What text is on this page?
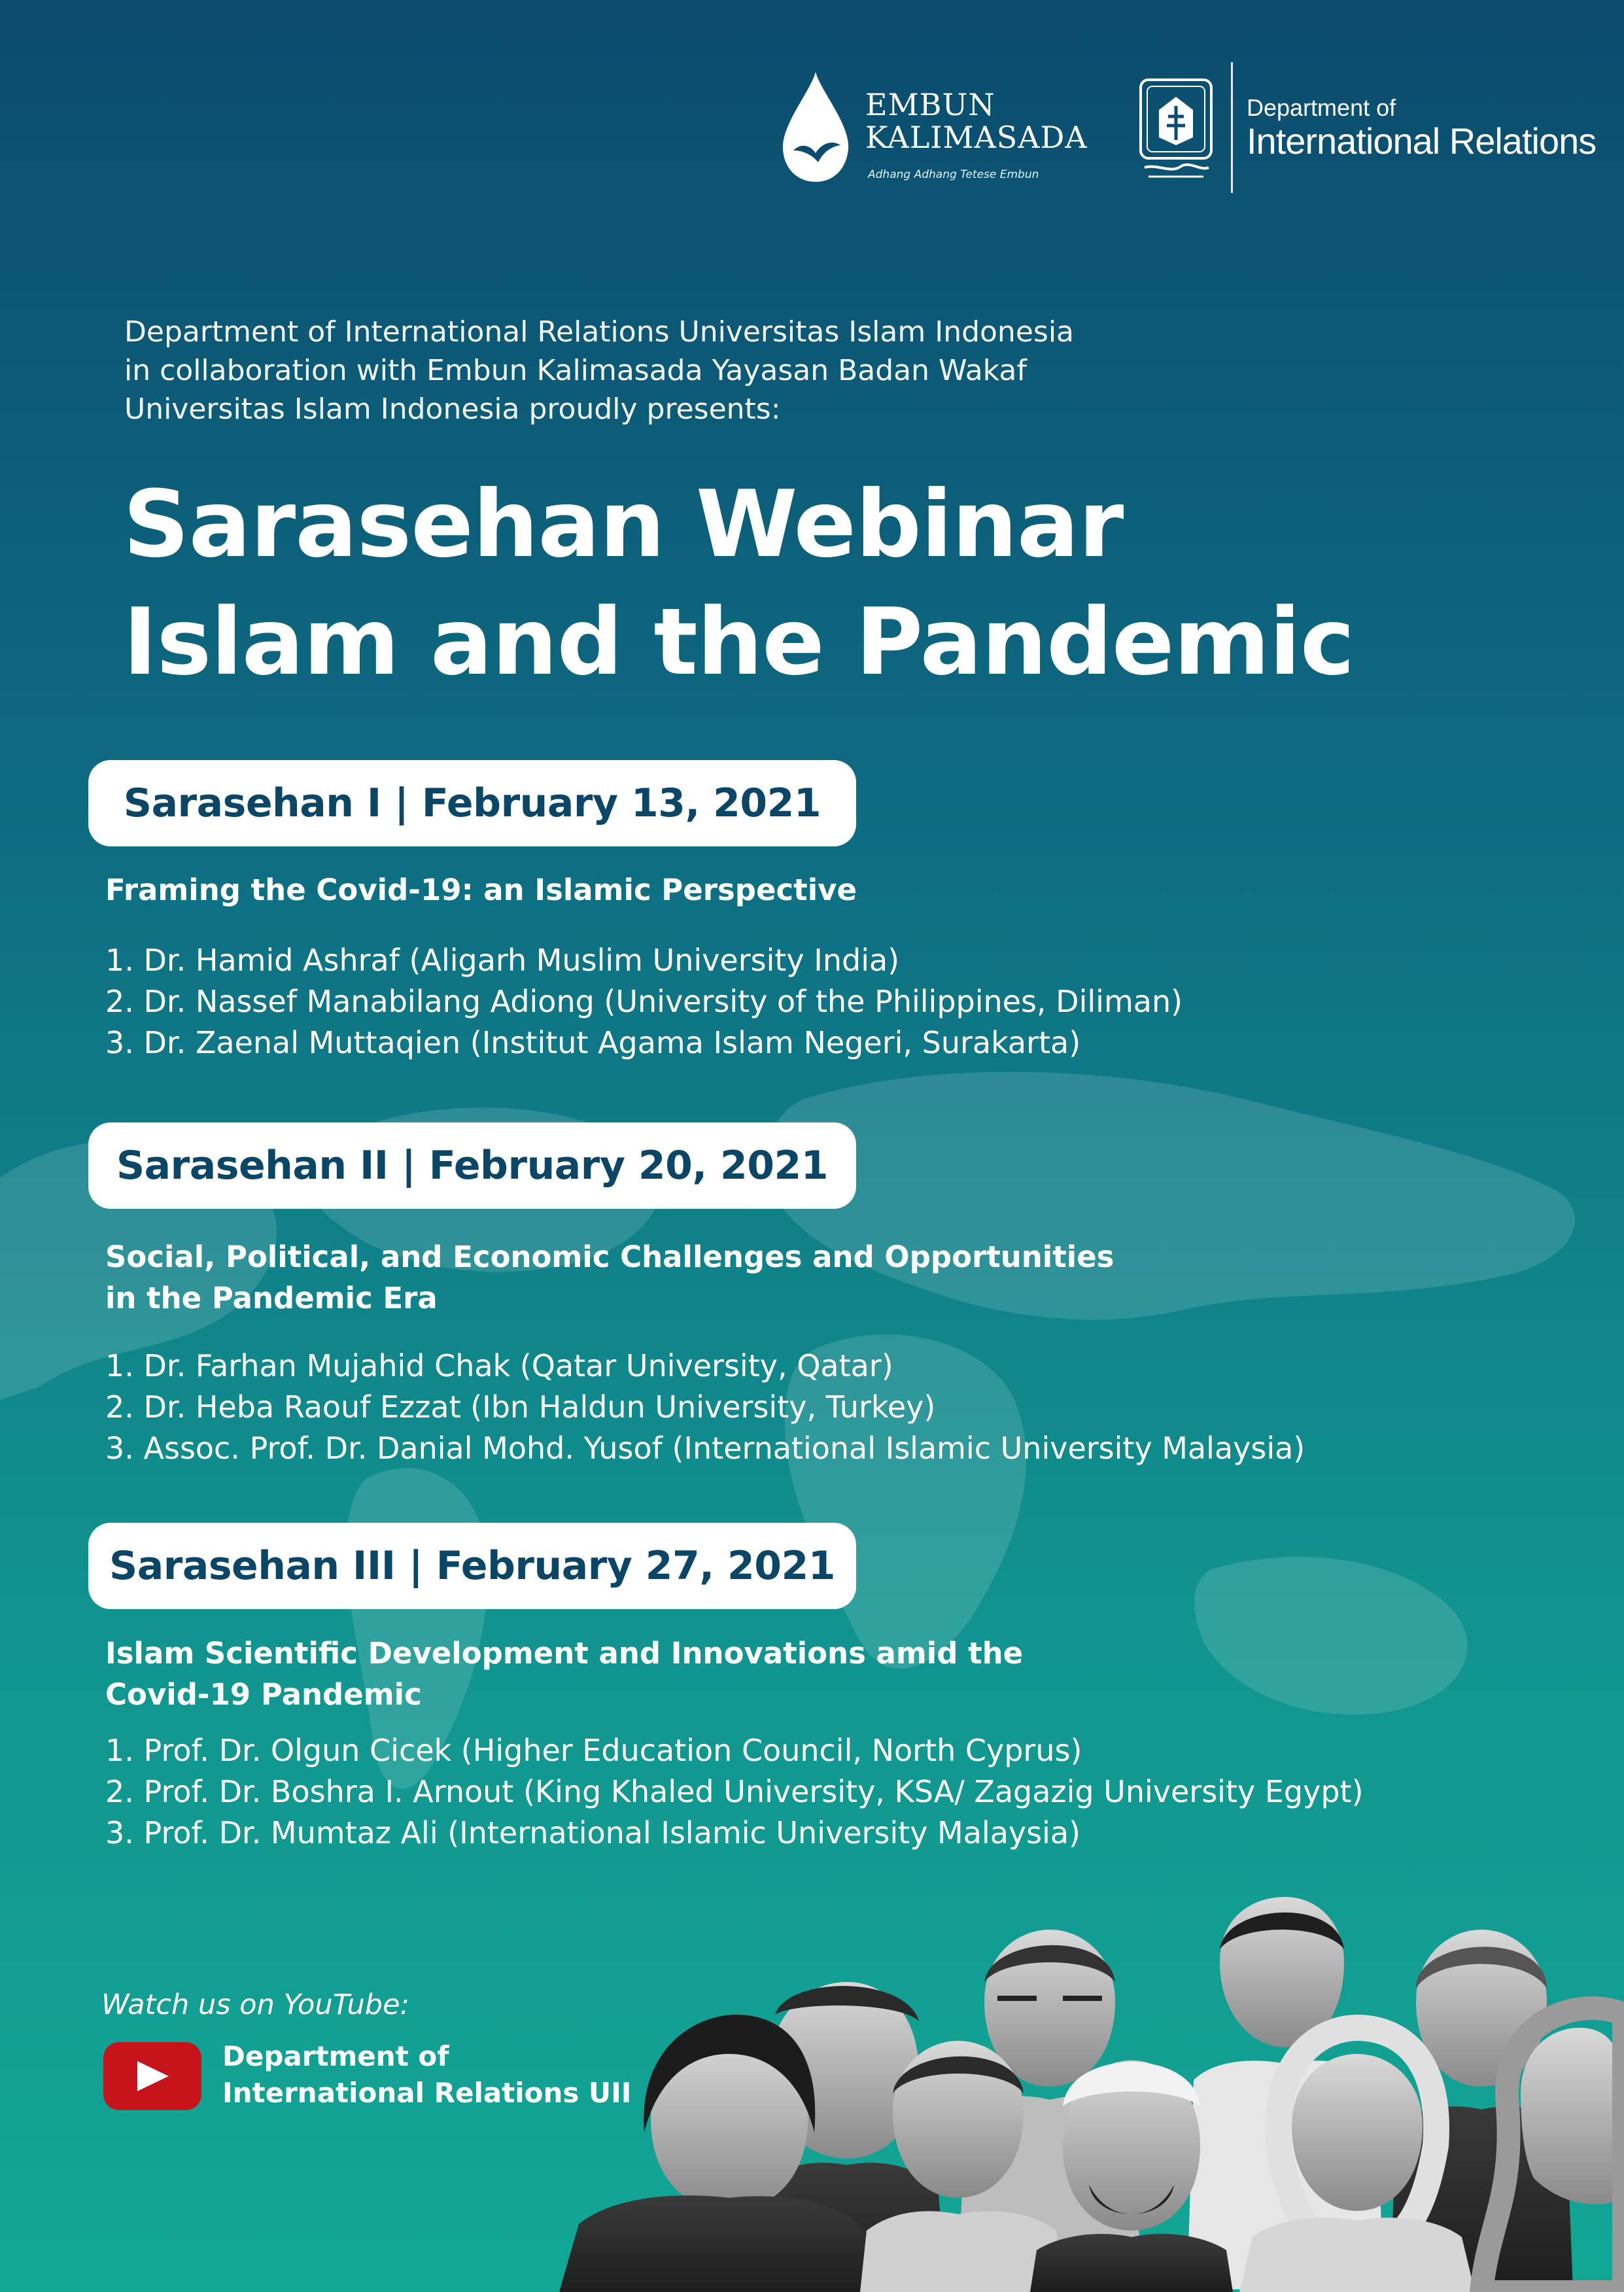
EMBUN
KALIMASADA
Adhang Adhang Tetese Embun
Department of
International Relations
Department of International Relations Universitas Islam Indonesia
in collaboration with Embun Kalimasada Yayasan Badan Wakaf
Universitas Islam Indonesia proudly presents:
Sarasehan Webinar
Islam and the Pandemic
Sarasehan I | February 13, 2021
Framing the Covid-19: an Islamic Perspective
1. Dr. Hamid Ashraf (Aligarh Muslim University India)
2. Dr. Nassef Manabilang Adiong (University of the Philippines, Diliman)
3. Dr. Zaenal Muttaqien (Institut Agama Islam Negeri, Surakarta)
Sarasehan II | February 20, 2021
Social, Political, and Economic Challenges and Opportunities
in the Pandemic Era
1. Dr. Farhan Mujahid Chak (Qatar University, Qatar)
2. Dr. Heba Raouf Ezzat (Ibn Haldun University, Turkey)
3. Assoc. Prof. Dr. Danial Mohd. Yusof (International Islamic University Malaysia)
Sarasehan III | February 27, 2021
Islam Scientific Development and Innovations amid the
Covid-19 Pandemic
1. Prof. Dr. Olgun Cicek (Higher Education Council, North Cyprus)
2. Prof. Dr. Boshra I. Arnout (King Khaled University, KSA/ Zagazig University Egypt)
3. Prof. Dr. Mumtaz Ali (International Islamic University Malaysia)
Watch us on YouTube:
Department of
International Relations UII
